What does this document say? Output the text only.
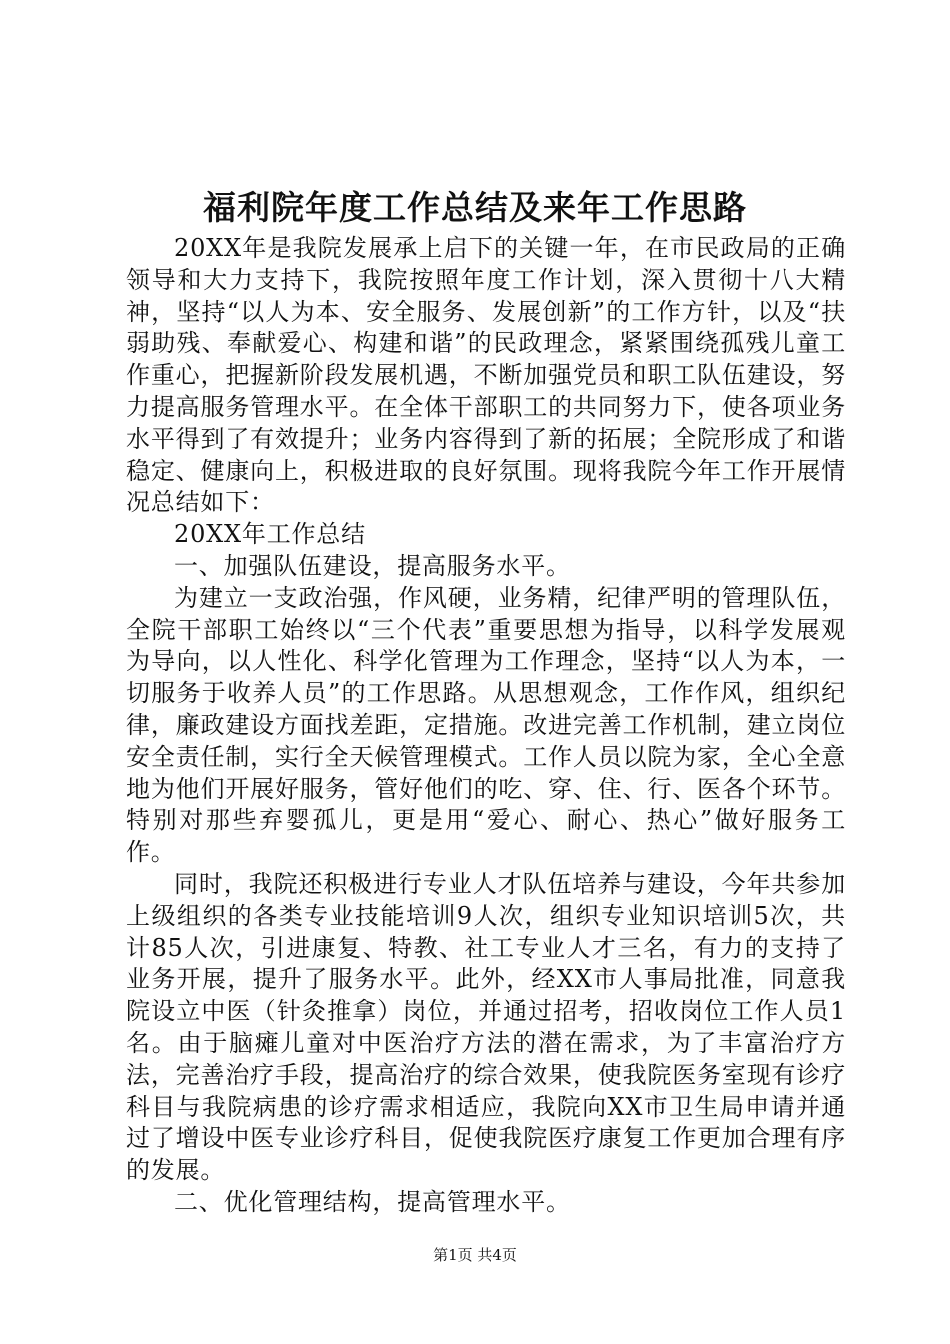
福利院年度工作总结及来年工作思路

20XX年是我院发展承上启下的关键一年，在市民政局的正确领导和大力支持下，我院按照年度工作计划，深入贯彻十八大精神，坚持“以人为本、安全服务、发展创新”的工作方针，以及“扶弱助残、奉献爱心、构建和谐”的民政理念，紧紧围绕孤残儿童工作重心，把握新阶段发展机遇，不断加强党员和职工队伍建设，努力提高服务管理水平。在全体干部职工的共同努力下，使各项业务水平得到了有效提升；业务内容得到了新的拓展；全院形成了和谐稳定、健康向上，积极进取的良好氛围。现将我院今年工作开展情况总结如下：

20XX年工作总结

一、加强队伍建设，提高服务水平。

为建立一支政治强，作风硬，业务精，纪律严明的管理队伍，全院干部职工始终以“三个代表”重要思想为指导，以科学发展观为导向，以人性化、科学化管理为工作理念，坚持“以人为本，一切服务于收养人员”的工作思路。从思想观念，工作作风，组织纪律，廉政建设方面找差距，定措施。改进完善工作机制，建立岗位安全责任制，实行全天候管理模式。工作人员以院为家，全心全意地为他们开展好服务，管好他们的吃、穿、住、行、医各个环节。特别对那些弃婴孤儿，更是用“爱心、耐心、热心”做好服务工作。

同时，我院还积极进行专业人才队伍培养与建设，今年共参加上级组织的各类专业技能培训9人次，组织专业知识培训5次，共计85人次，引进康复、特教、社工专业人才三名，有力的支持了业务开展，提升了服务水平。此外，经XX市人事局批准，同意我院设立中医（针灸推拿）岗位，并通过招考，招收岗位工作人员1名。由于脑瘫儿童对中医治疗方法的潜在需求，为了丰富治疗方法，完善治疗手段，提高治疗的综合效果，使我院医务室现有诊疗科目与我院病患的诊疗需求相适应，我院向XX市卫生局申请并通过了增设中医专业诊疗科目，促使我院医疗康复工作更加合理有序的发展。

二、优化管理结构，提高管理水平。

第1页 共4页
